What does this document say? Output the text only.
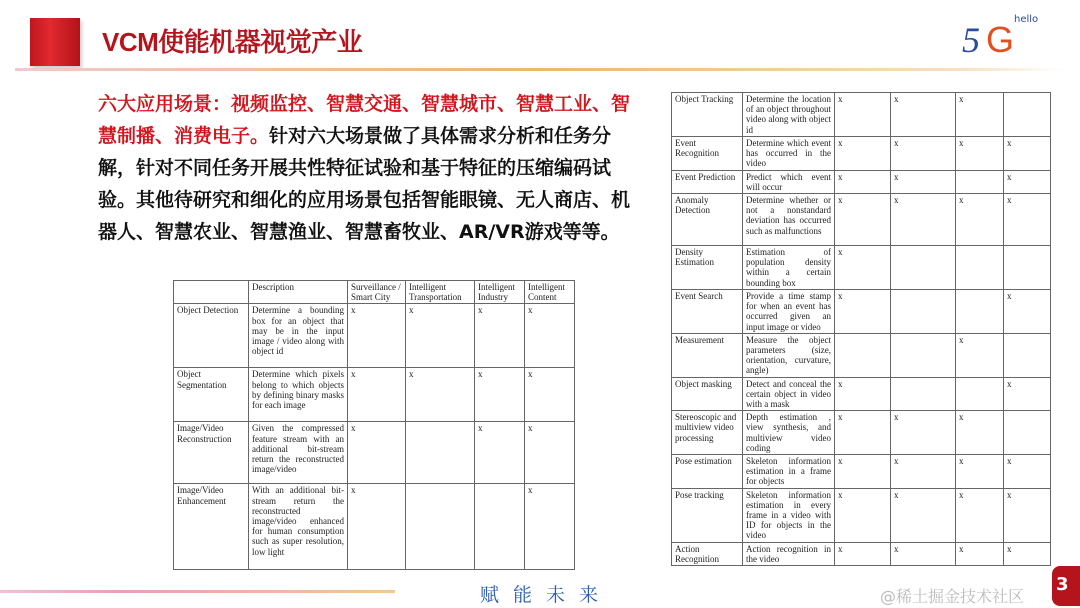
VCM使能机器视觉产业	5 G hello
六大应用场景：视频监控、智慧交通、智慧城市、智慧工业、智慧制播、消费电子。针对六大场景做了具体需求分析和任务分解，针对不同任务开展共性特征试验和基于特征的压缩编码试验。其他待研究和细化的应用场景包括智能眼镜、无人商店、机器人、智慧农业、智慧渔业、智慧畜牧业、AR/VR游戏等等。
	Description	Surveillance / Smart City	Intelligent Transportation	Intelligent Industry	Intelligent Content
Object Detection	Determine a bounding box for an object that may be in the input image / video along with object id	x	x	x	x
Object Segmentation	Determine which pixels belong to which objects by defining binary masks for each image	x	x	x	x
Image/Video Reconstruction	Given the compressed feature stream with an additional bit-stream return the reconstructed image/video	x		x	x
Image/Video Enhancement	With an additional bit-stream return the reconstructed image/video enhanced for human consumption such as super resolution, low light	x			x
Object Tracking	Determine the location of an object throughout video along with object id	x	x	x	
Event Recognition	Determine which event has occurred in the video	x	x	x	x
Event Prediction	Predict which event will occur	x	x		x
Anomaly Detection	Determine whether or not a nonstandard deviation has occurred such as malfunctions	x	x	x	x
Density Estimation	Estimation of population density within a certain bounding box	x			
Event Search	Provide a time stamp for when an event has occurred given an input image or video	x			x
Measurement	Measure the object parameters (size, orientation, curvature, angle)			x	
Object masking	Detect and conceal the certain object in video with a mask	x			x
Stereoscopic and multiview video processing	Depth estimation , view synthesis, and multiview video coding	x	x	x	
Pose estimation	Skeleton information estimation in a frame for objects	x	x	x	x
Pose tracking	Skeleton information estimation in every frame in a video with ID for objects in the video	x	x	x	x
Action Recognition	Action recognition in the video	x	x	x	x
赋能未来	@稀土掘金技术社区
3
